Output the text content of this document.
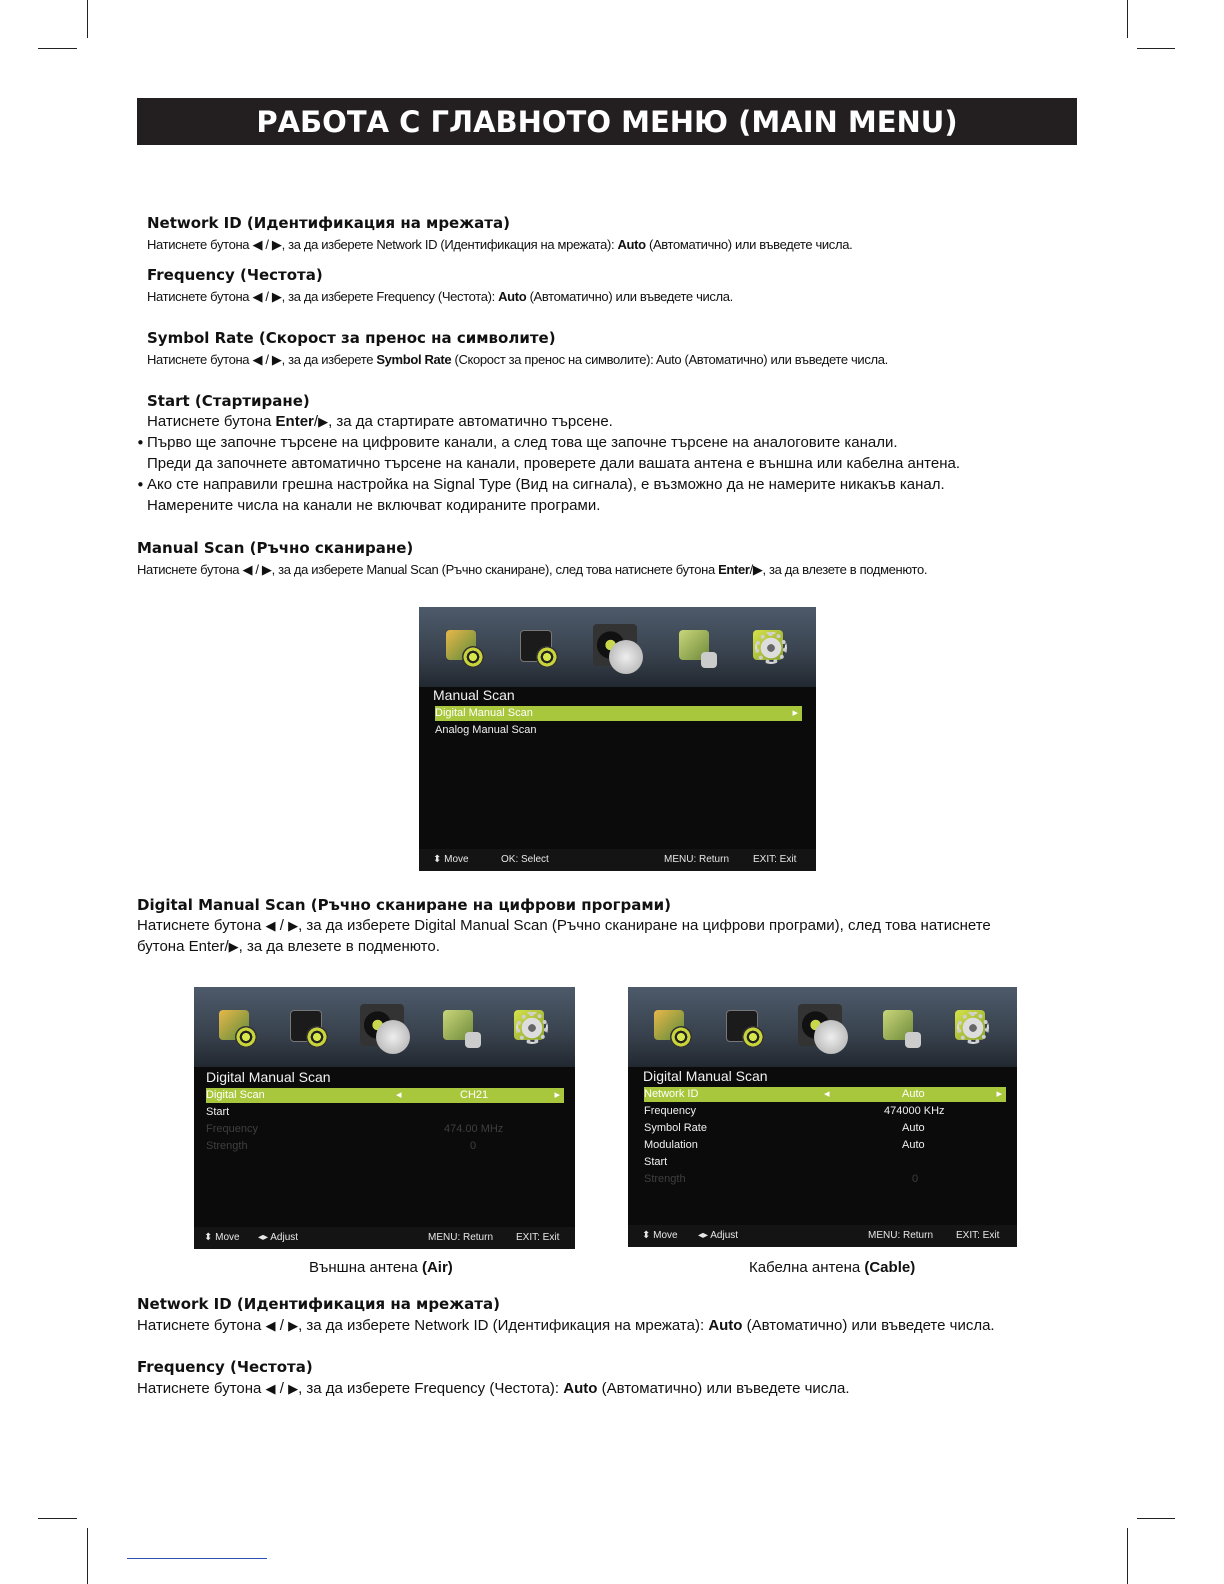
РАБОТА С ГЛАВНОТО МЕНЮ (MAIN MENU)
Network ID (Идентификация на мрежата)
Натиснете бутона ◀ / ▶, за да изберете Network ID (Идентификация на мрежата): Auto (Автоматично) или въведете числа.
Frequency (Честота)
Натиснете бутона ◀ / ▶, за да изберете Frequency (Честота): Auto (Автоматично) или въведете числа.
Symbol Rate (Скорост за пренос на символите)
Натиснете бутона ◀ / ▶, за да изберете Symbol Rate (Скорост за пренос на символите): Auto (Автоматично) или въведете числа.
Start (Стартиране)
Натиснете бутона Enter/▶, за да стартирате автоматично търсене.
• Първо ще започне търсене на цифровите канали, а след това ще започне търсене на аналоговите канали.
Преди да започнете автоматично търсене на канали, проверете дали вашата антена е външна или кабелна антена.
• Ако сте направили грешна настройка на Signal Type (Вид на сигнала), е възможно да не намерите никакъв канал.
Намерените числа на канали не включват кодираните програми.
Manual Scan (Ръчно сканиране)
Натиснете бутона ◀ / ▶, за да изберете Manual Scan (Ръчно сканиране), след това натиснете бутона Enter/▶, за да влезете в подменюто.
Manual Scan
Digital Manual Scan	▸
Analog Manual Scan
⬍ Move	OK: Select	MENU: Return EXIT: Exit
Digital Manual Scan (Ръчно сканиране на цифрови програми)
Натиснете бутона ◀ / ▶, за да изберете Digital Manual Scan (Ръчно сканиране на цифрови програми), след това натиснете
бутона Enter/▶, за да влезете в подменюто.
Digital Manual Scan
Digital Scan	◂	CH21	▸
Start
Frequency	474.00 MHz
Strength	0
⬍ Move ◂▸ Adjust	MENU: Return EXIT: Exit
Digital Manual Scan
Network ID	◂	Auto	▸
Frequency	474000 KHz
Symbol Rate	Auto
Modulation	Auto
Start
Strength	0
⬍ Move ◂▸ Adjust	MENU: Return EXIT: Exit
Външна антена (Air)	Кабелна антена (Cable)
Network ID (Идентификация на мрежата)
Натиснете бутона ◀ / ▶, за да изберете Network ID (Идентификация на мрежата): Auto (Автоматично) или въведете числа.
Frequency (Честота)
Натиснете бутона ◀ / ▶, за да изберете Frequency (Честота): Auto (Автоматично) или въведете числа.
